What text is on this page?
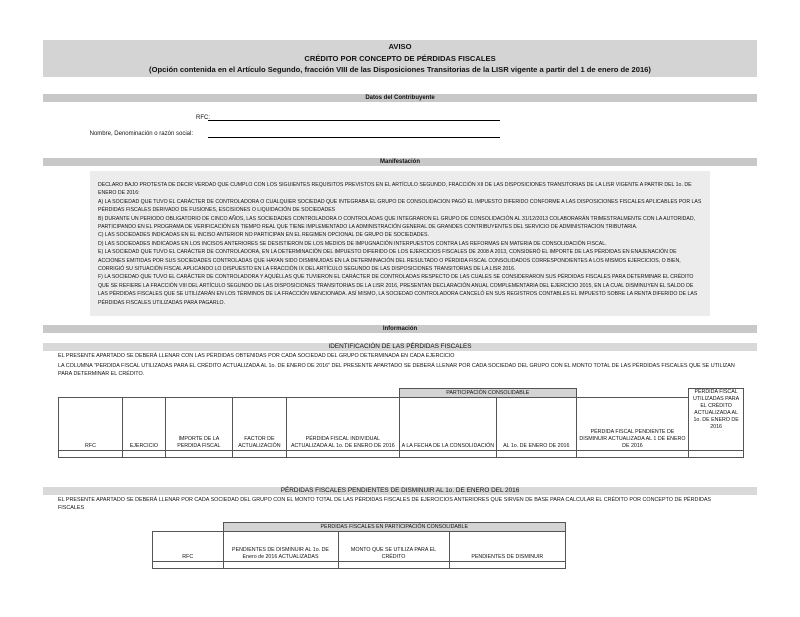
AVISO
CRÉDITO POR CONCEPTO DE PÉRDIDAS FISCALES
(Opción contenida en el Artículo Segundo, fracción VIII de las Disposiciones Transitorias de la LISR vigente a partir del 1 de enero de 2016)
Datos del Contribuyente
RFC:
Nombre, Denominación o razón social:
Manifestación

DECLARO BAJO PROTESTA DE DECIR VERDAD QUE CUMPLO CON LOS SIGUIENTES REQUISITOS PREVISTOS EN EL ARTÍCULO SEGUNDO, FRACCIÓN XII DE LAS DISPOSICIONES TRANSITORIAS DE LA LISR VIGENTE A PARTIR DEL 1o. DE ENERO DE 2016:

A) LA SOCIEDAD QUE TUVO EL CARÁCTER DE CONTROLADORA O CUALQUIER SOCIEDAD QUE INTEGRABA EL GRUPO DE CONSOLIDACION PAGÓ EL IMPUESTO DIFERIDO CONFORME A LAS DISPOSICIONES FISCALES APLICABLES POR LAS PÉRDIDAS FISCALES DERIVADO DE FUSIONES, ESCISIONES O LIQUIDACIÓN DE SOCIEDADES

B) DURANTE UN PERIODO OBLIGATORIO DE CINCO AÑOS, LAS SOCIEDADES CONTROLADORA O CONTROLADAS QUE INTEGRARON EL GRUPO DE CONSOLIDACIÓN AL 31/12/2013 COLABORARÁN TRIMESTRALMENTE CON LA AUTORIDAD, PARTICIPANDO EN EL PROGRAMA DE VERIFICACIÓN EN TIEMPO REAL QUE TIENE IMPLEMENTADO LA ADMINISTRACIÓN GENERAL DE GRANDES CONTRIBUYENTES DEL SERVICIO DE ADMINISTRACION TRIBUTARIA.

C) LAS SOCIEDADES INDICADAS EN EL INCISO ANTERIOR NO PARTICIPAN EN EL REGIMEN OPCIONAL DE GRUPO DE SOCIEDADES.

D) LAS SOCIEDADES INDICADAS EN LOS INCISOS ANTERIORES SE DESISTIERON DE LOS MEDIOS DE IMPUGNACIÓN INTERPUESTOS CONTRA LAS REFORMAS EN MATERIA DE CONSOLIDACIÓN FISCAL.

E) LA SOCIEDAD QUE TUVO EL CARÁCTER DE CONTROLADORA, EN LA DETERMINACIÓN DEL IMPUESTO DIFERIDO DE LOS EJERCICIOS FISCALES DE 2008 A 2013, CONSIDERÓ EL IMPORTE DE LAS PÉRDIDAS EN ENAJENACIÓN DE ACCIONES EMITIDAS POR SUS SOCIEDADES CONTROLADAS QUE HAYAN SIDO DISMINUIDAS EN LA DETERMINACIÓN DEL RESULTADO O PÉRDIDA FISCAL CONSOLIDADOS CORRESPONDIENTES A LOS MISMOS EJERCICIOS, O BIEN, CORRIGIÓ SU SITUACIÓN FISCAL APLICANDO LO DISPUESTO EN LA FRACCIÓN IX DEL ARTÍCULO SEGUNDO DE LAS DISPOSICIONES TRANSITORIAS DE LA LISR 2016.

F) LA SOCIEDAD QUE TUVO EL CARÁCTER DE CONTROLADORA Y AQUÉLLAS QUE TUVIERON EL CARÁCTER DE CONTROLADAS RESPECTO DE LAS CUALES SE CONSIDERARON SUS PÉRDIDAS FISCALES PARA DETERMINAR EL CRÉDITO QUE SE REFIERE LA FRACCIÓN VIII DEL ARTÍCULO SEGUNDO DE LAS DISPOSICIONES TRANSITORIAS DE LA LISR 2016, PRESENTAN DECLARACIÓN ANUAL COMPLEMENTARIA DEL EJERCICIO 2015, EN LA CUAL DISMINUYEN EL SALDO DE LAS PÉRDIDAS FISCALES QUE SE UTILIZARÁN EN LOS TÉRMINOS DE LA FRACCIÓN MENCIONADA. ASÍ MISMO, LA SOCIEDAD CONTROLADORA CANCELÓ EN SUS REGISTROS CONTABLES EL IMPUESTO SOBRE LA RENTA DIFERIDO DE LAS PÉRDIDAS FISCALES UTILIZADAS PARA PAGARLO.

Información
IDENTIFICACIÓN DE LAS PÉRDIDAS FISCALES
EL PRESENTE APARTADO SE DEBERÁ LLENAR CON LAS PÉRDIDAS OBTENIDAS POR CADA SOCIEDAD DEL GRUPO DETERMINADA EN CADA EJERCICIO
LA COLUMNA "PERDIDA FISCAL UTILIZADAS PARA EL CRÉDITO ACTUALIZADA AL 1o. DE ENERO DE 2016" DEL PRESENTE APARTADO SE DEBERÁ LLENAR POR CADA SOCIEDAD DEL GRUPO CON EL MONTO TOTAL DE LAS PÉRDIDAS FISCALES QUE SE UTILIZAN PARA DETERMINAR EL CRÉDITO.
					PARTICIPACIÓN CONSOLIDABLE			PÉRDIDA FISCAL UTILIZADAS PARA EL CRÉDITO ACTUALIZADA AL 1o. DE ENERO DE 2016
RFC	EJERCICIO	IMPORTE DE LA PERDIDA FISCAL	FACTOR DE ACTUALIZACIÓN	PÉRDIDA FISCAL INDIVIDUAL ACTUALIZADA AL 1o. DE ENERO DE 2016	A LA FECHA DE LA CONSOLIDACIÓN	AL 1o. DE ENERO DE 2016	PÉRDIDA FISCAL PENDIENTE DE DISMINUIR ACTUALIZADA AL 1 DE ENERO DE 2016	

PÉRDIDAS FISCALES PENDIENTES DE DISMINUIR AL 1o. DE ENERO DEL 2016
EL PRESENTE APARTADO SE DEBERÁ LLENAR POR CADA SOCIEDAD DEL GRUPO CON EL MONTO TOTAL DE LAS PÉRDIDAS FISCALES DE EJERCICIOS ANTERIORES QUE SIRVEN DE BASE PARA CALCULAR EL CRÉDITO POR CONCEPTO DE PÉRDIDAS FISCALES
	PERDIDAS FISCALES EN PARTICIPACIÓN CONSOLIDABLE		
RFC	PENDIENTES DE DISMINUIR AL 1o. DE Enero de 2016 ACTUALIZADAS	MONTO QUE SE UTILIZA PARA EL CRÉDITO	PENDIENTES DE DISMINUIR
